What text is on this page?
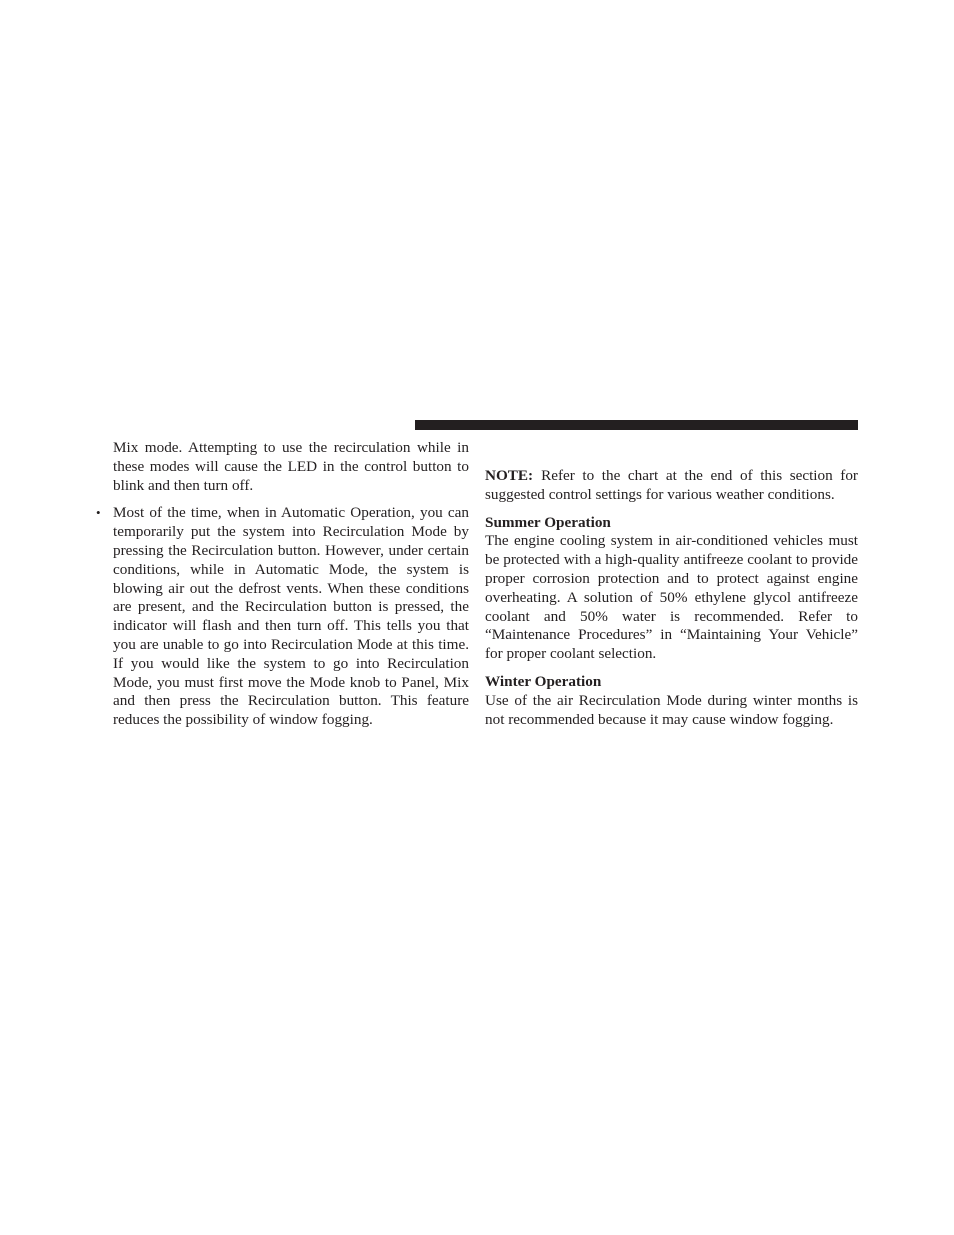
Mix mode. Attempting to use the recirculation while in these modes will cause the LED in the control button to blink and then turn off.

• Most of the time, when in Automatic Operation, you can temporarily put the system into Recirculation Mode by pressing the Recirculation button. However, under certain conditions, while in Automatic Mode, the system is blowing air out the defrost vents. When these conditions are present, and the Recirculation button is pressed, the indicator will flash and then turn off. This tells you that you are unable to go into Recirculation Mode at this time. If you would like the system to go into Recirculation Mode, you must first move the Mode knob to Panel, Mix and then press the Recirculation button. This feature reduces the possibility of window fogging.

NOTE: Refer to the chart at the end of this section for suggested control settings for various weather conditions.

Summer Operation

The engine cooling system in air-conditioned vehicles must be protected with a high-quality antifreeze coolant to provide proper corrosion protection and to protect against engine overheating. A solution of 50% ethylene glycol antifreeze coolant and 50% water is recommended. Refer to “Maintenance Procedures” in “Maintaining Your Vehicle” for proper coolant selection.

Winter Operation

Use of the air Recirculation Mode during winter months is not recommended because it may cause window fogging.
